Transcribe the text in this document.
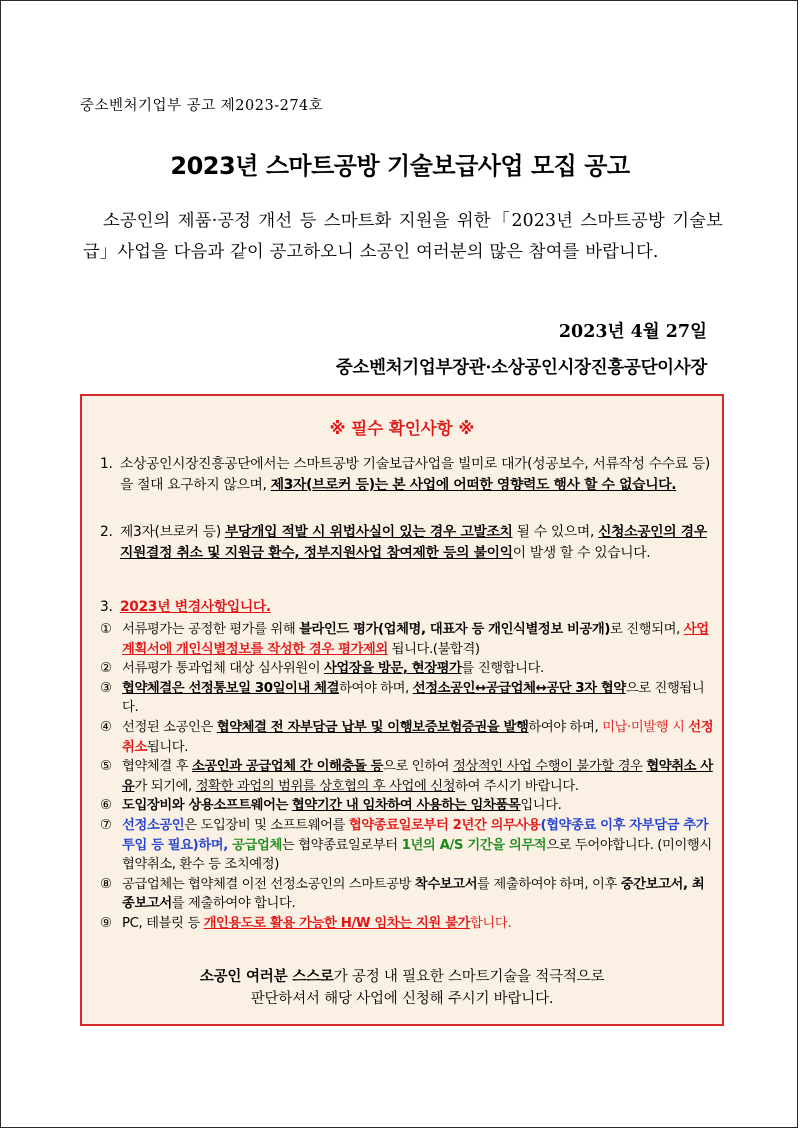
중소벤처기업부 공고 제2023-274호
2023년 스마트공방 기술보급사업 모집 공고
소공인의 제품·공정 개선 등 스마트화 지원을 위한「2023년 스마트공방 기술보급」사업을 다음과 같이 공고하오니 소공인 여러분의 많은 참여를 바랍니다.
2023년 4월 27일
중소벤처기업부장관·소상공인시장진흥공단이사장
※ 필수 확인사항 ※
1. 소상공인시장진흥공단에서는 스마트공방 기술보급사업을 빌미로 대가(성공보수, 서류작성 수수료 등)을 절대 요구하지 않으며, 제3자(브로커 등)는 본 사업에 어떠한 영향력도 행사 할 수 없습니다.
2. 제3자(브로커 등) 부당개입 적발 시 위법사실이 있는 경우 고발조치 될 수 있으며, 신청소공인의 경우 지원결정 취소 및 지원금 환수, 정부지원사업 참여제한 등의 불이익이 발생 할 수 있습니다.
3. 2023년 변경사항입니다.
① 서류평가는 공정한 평가를 위해 블라인드 평가(업체명, 대표자 등 개인식별정보 비공개)로 진행되며, 사업계획서에 개인식별정보를 작성한 경우 평가제외 됩니다.(불합격)
② 서류평가 통과업체 대상 심사위원이 사업장을 방문, 현장평가를 진행합니다.
③ 협약체결은 선정통보일 30일이내 체결하여야 하며, 선정소공인↔공급업체↔공단 3자 협약으로 진행됩니다.
④ 선정된 소공인은 협약체결 전 자부담금 납부 및 이행보증보험증권을 발행하여야 하며, 미납·미발행 시 선정취소됩니다.
⑤ 협약체결 후 소공인과 공급업체 간 이해충돌 등으로 인하여 정상적인 사업 수행이 불가할 경우 협약취소 사유가 되기에, 정확한 과업의 범위를 상호협의 후 사업에 신청하여 주시기 바랍니다.
⑥ 도입장비와 상용소프트웨어는 협약기간 내 임차하여 사용하는 임차품목입니다.
⑦ 선정소공인은 도입장비 및 소프트웨어를 협약종료일로부터 2년간 의무사용(협약종료 이후 자부담금 추가투입 등 필요)하며, 공급업체는 협약종료일로부터 1년의 A/S 기간을 의무적으로 두어야합니다. (미이행시 협약취소, 환수 등 조치예정)
⑧ 공급업체는 협약체결 이전 선정소공인의 스마트공방 착수보고서를 제출하여야 하며, 이후 중간보고서, 최종보고서를 제출하여야 합니다.
⑨ PC, 테블릿 등 개인용도로 활용 가능한 H/W 임차는 지원 불가합니다.
소공인 여러분 스스로가 공정 내 필요한 스마트기술을 적극적으로
판단하셔서 해당 사업에 신청해 주시기 바랍니다.
